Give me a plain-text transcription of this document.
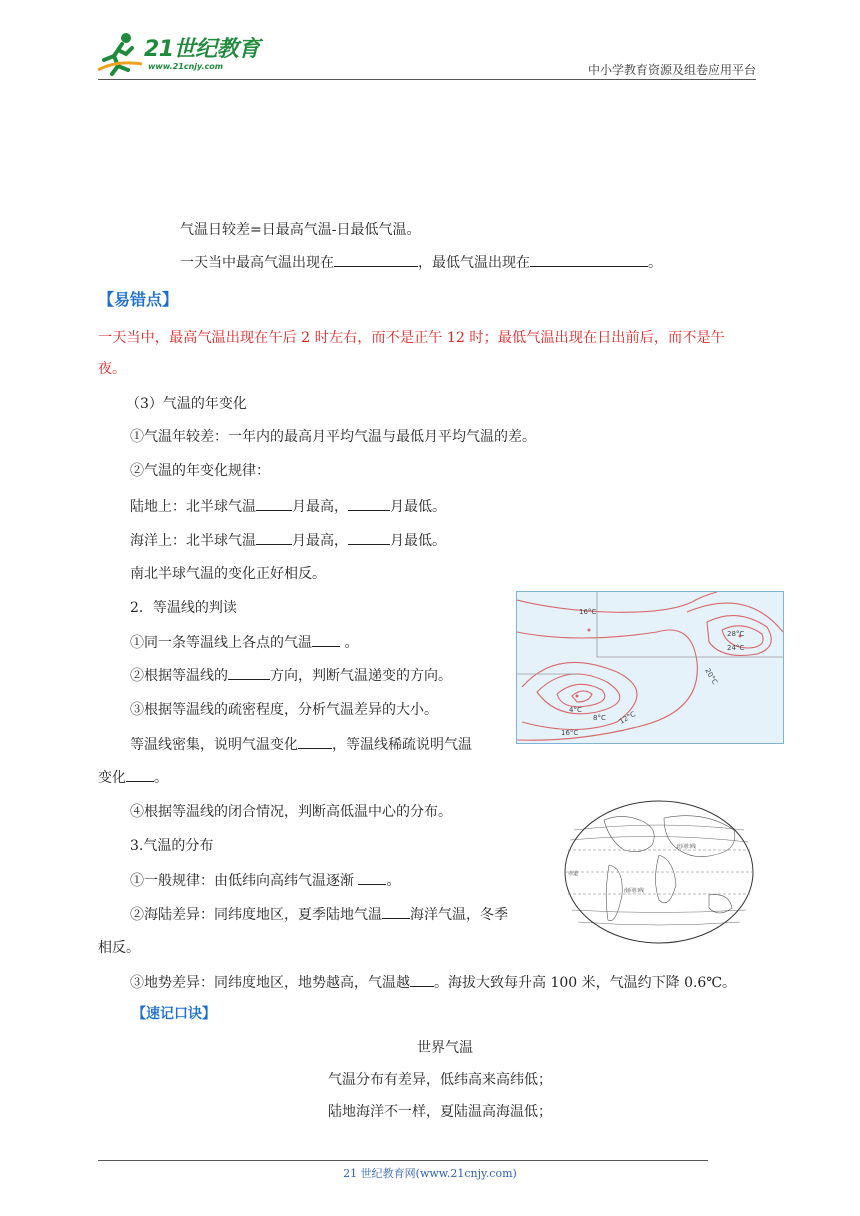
21世纪教育
www.21cnjy.com	中小学教育资源及组卷应用平台
气温日较差=日最高气温-日最低气温。
一天当中最高气温出现在	，最低气温出现在	。
【易错点】
一天当中，最高气温出现在午后 2 时左右，而不是正午 12 时；最低气温出现在日出前后，而不是午
夜。
（3）气温的年变化
①气温年较差：一年内的最高月平均气温与最低月平均气温的差。
②气温的年变化规律：
陆地上：北半球气温	月最高，	月最低。
海洋上：北半球气温	月最高，	月最低。
南北半球气温的变化正好相反。
2．等温线的判读
①同一条等温线上各点的气温 。
②根据等温线的	方向，判断气温递变的方向。
③根据等温线的疏密程度，分析气温差异的大小。
等温线密集，说明气温变化 ，等温线稀疏说明气温
变化 。
④根据等温线的闭合情况，判断高低温中心的分布。
3.气温的分布
①一般规律：由低纬向高纬气温逐渐 。
②海陆差异：同纬度地区，夏季陆地气温 海洋气温，冬季
相反。
③地势差异：同纬度地区，地势越高，气温越 。海拔大致每升高 100 米，气温约下降 0.6℃。
【速记口诀】
世界气温
气温分布有差异，低纬高来高纬低；
陆地海洋不一样，夏陆温高海温低；
16°C
28°C
24°C
20°C
4°C
8°C 12°C
16°C
赤道
北回归线
南回归线
21 世纪教育网(www.21cnjy.com)
